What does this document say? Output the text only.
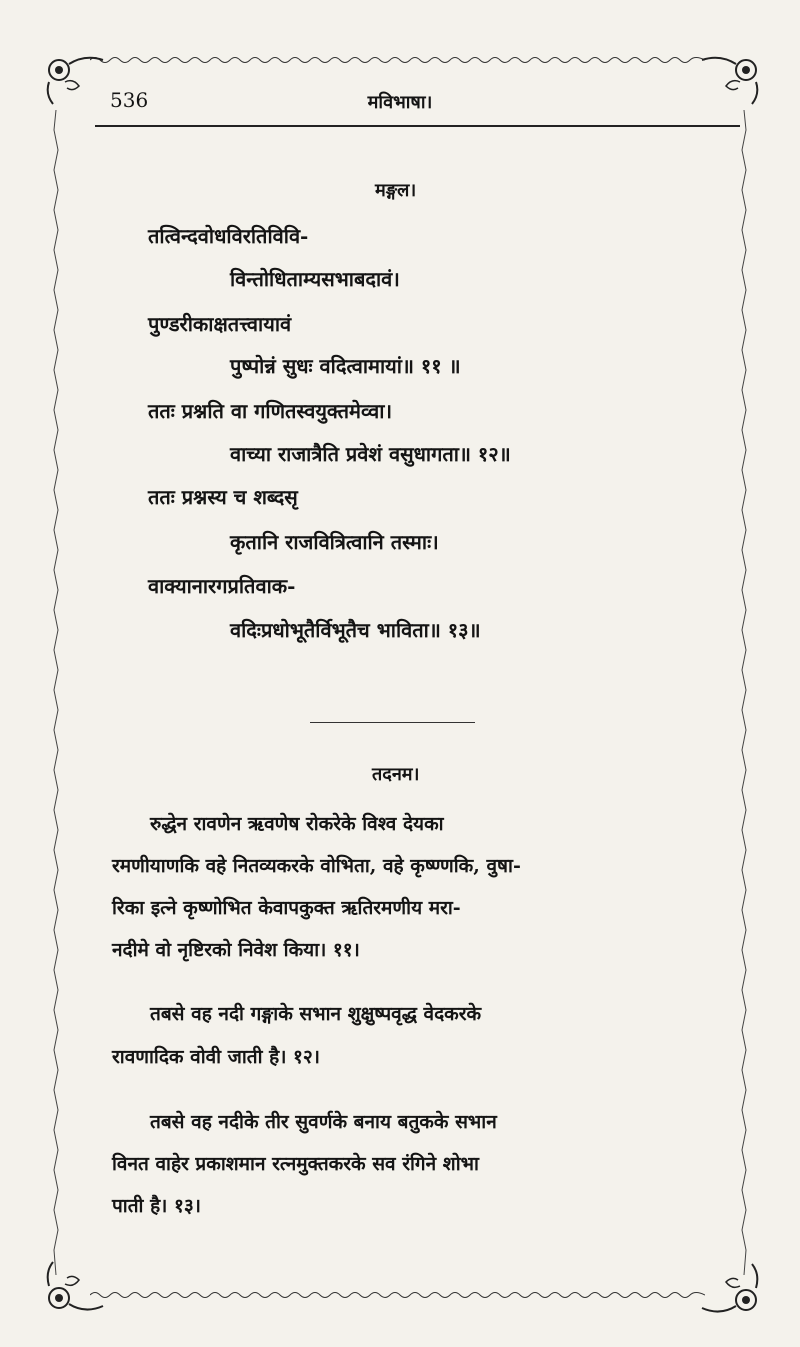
536	मविभाषा।
मङ्गल।
तत्विन्दवोधविरतिविवि-
विन्तोधिताम्यसभाबदावं।
पुण्डरीकाक्षतत्त्वायावं
पुष्पोन्नं सुधः वदित्वामायां॥ ११ ॥
ततः प्रश्नति वा गणितस्वयुक्तमेव्वा।
वाच्या राजात्रैति प्रवेशं वसुधागता॥ १२॥
ततः प्रश्नस्य च शब्दसृ
कृतानि राजवित्रित्वानि तस्माः।
वाक्यानारगप्रतिवाक-
वदिःप्रधोभूतैर्विभूतैच भाविता॥ १३॥
तदनम।
रुद्धेन रावणेन ऋवणेष रोकरेके विश्व देयका
रमणीयाणकि वहे नितव्यकरके वोभिता, वहे कृष्ण्णकि, वुषा-
रिका इत्ने कृष्णोभित केवापकुक्त ऋतिरमणीय मरा-
नदीमे वो नृष्टिरको निवेश किया। ११।
तबसे वह नदी गङ्गाके सभान शुक्षुष्पवृद्ध वेदकरके
रावणादिक वोवी जाती है। १२।
तबसे वह नदीके तीर सुवर्णके बनाय बतुकके सभान
विनत वाहेर प्रकाशमान रत्नमुक्तकरके सव रंगिने शोभा
पाती है। १३।
